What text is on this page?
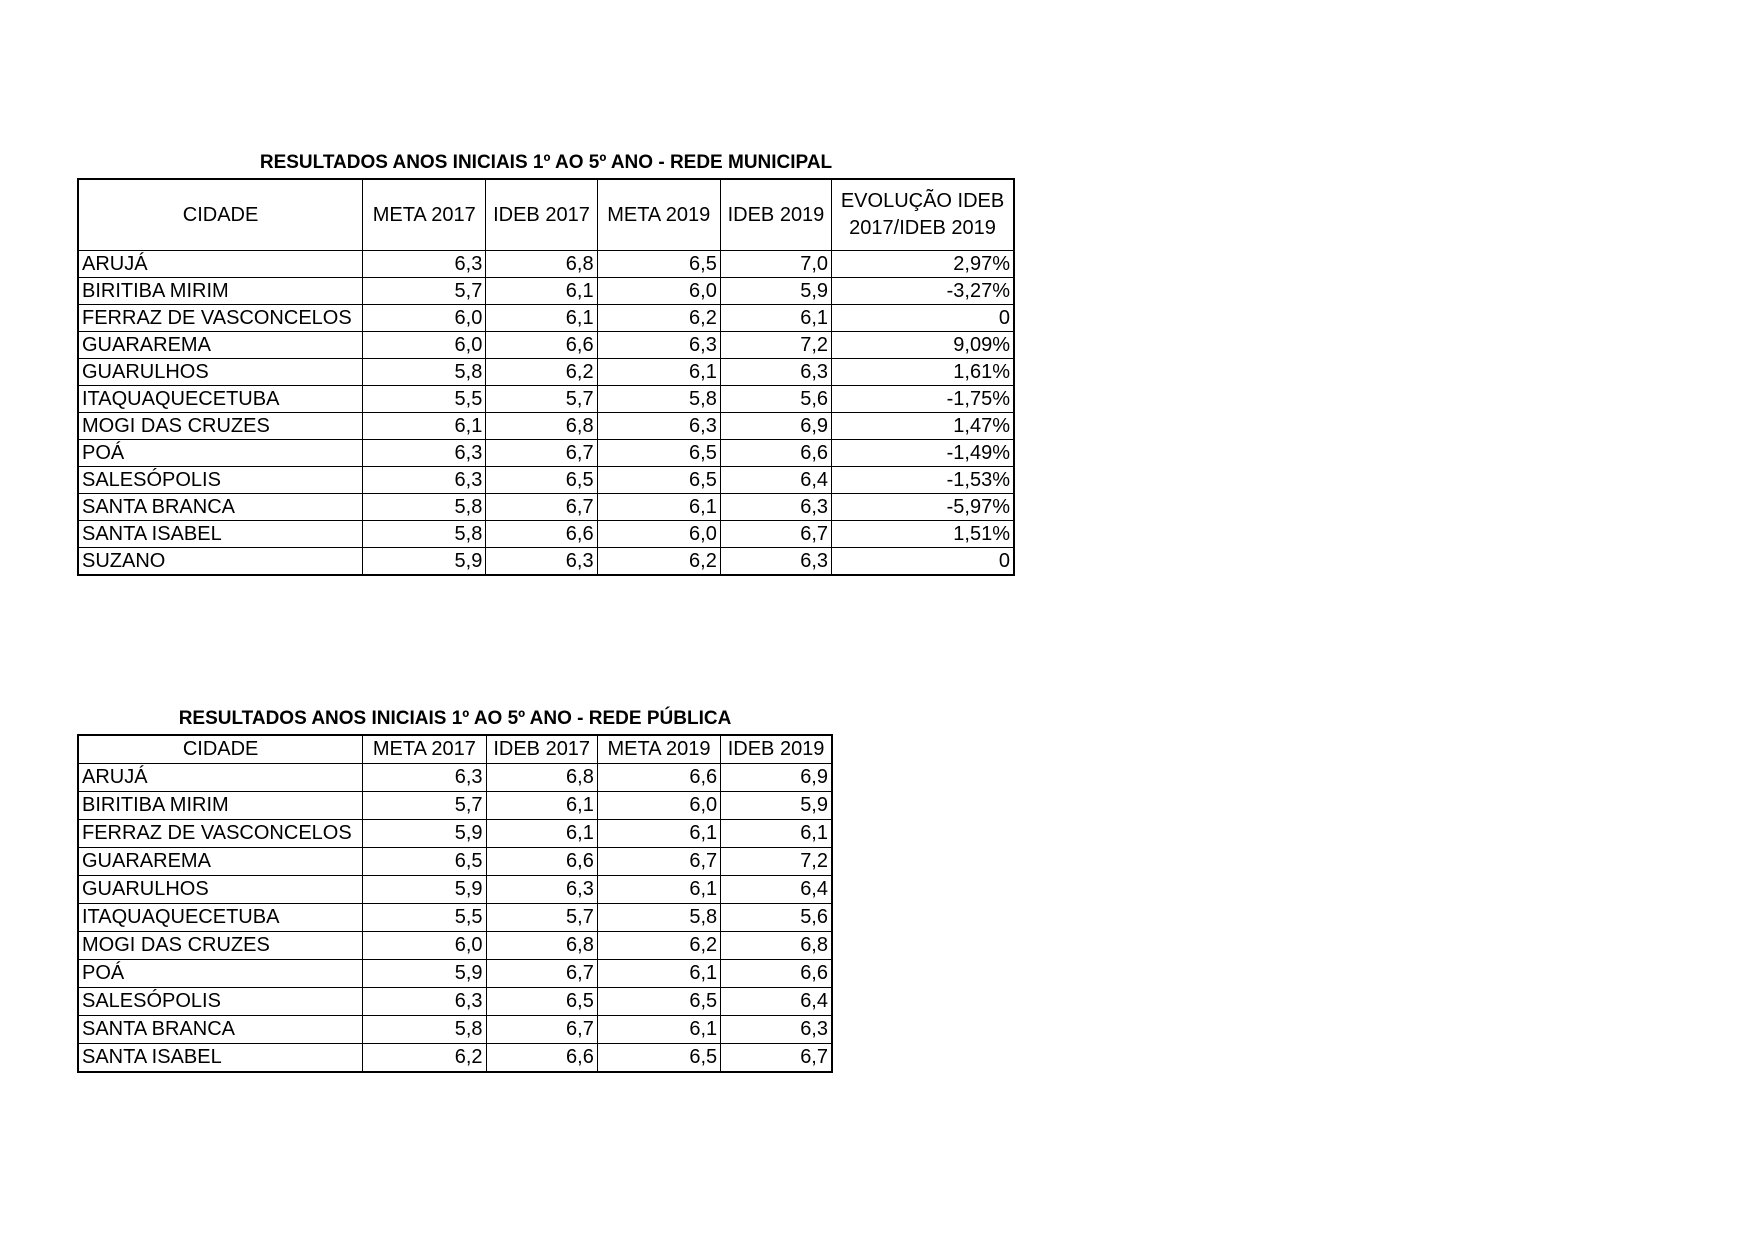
RESULTADOS ANOS INICIAIS 1º AO 5º ANO - REDE MUNICIPAL
CIDADE	META 2017	IDEB 2017	META 2019	IDEB 2019	EVOLUÇÃO IDEB
2017/IDEB 2019
ARUJÁ	6,3	6,8	6,5	7,0	2,97%
BIRITIBA MIRIM	5,7	6,1	6,0	5,9	-3,27%
FERRAZ DE VASCONCELOS	6,0	6,1	6,2	6,1	0
GUARAREMA	6,0	6,6	6,3	7,2	9,09%
GUARULHOS	5,8	6,2	6,1	6,3	1,61%
ITAQUAQUECETUBA	5,5	5,7	5,8	5,6	-1,75%
MOGI DAS CRUZES	6,1	6,8	6,3	6,9	1,47%
POÁ	6,3	6,7	6,5	6,6	-1,49%
SALESÓPOLIS	6,3	6,5	6,5	6,4	-1,53%
SANTA BRANCA	5,8	6,7	6,1	6,3	-5,97%
SANTA ISABEL	5,8	6,6	6,0	6,7	1,51%
SUZANO	5,9	6,3	6,2	6,3	0
RESULTADOS ANOS INICIAIS 1º AO 5º ANO - REDE PÚBLICA
CIDADE	META 2017	IDEB 2017	META 2019	IDEB 2019
ARUJÁ	6,3	6,8	6,6	6,9
BIRITIBA MIRIM	5,7	6,1	6,0	5,9
FERRAZ DE VASCONCELOS	5,9	6,1	6,1	6,1
GUARAREMA	6,5	6,6	6,7	7,2
GUARULHOS	5,9	6,3	6,1	6,4
ITAQUAQUECETUBA	5,5	5,7	5,8	5,6
MOGI DAS CRUZES	6,0	6,8	6,2	6,8
POÁ	5,9	6,7	6,1	6,6
SALESÓPOLIS	6,3	6,5	6,5	6,4
SANTA BRANCA	5,8	6,7	6,1	6,3
SANTA ISABEL	6,2	6,6	6,5	6,7
